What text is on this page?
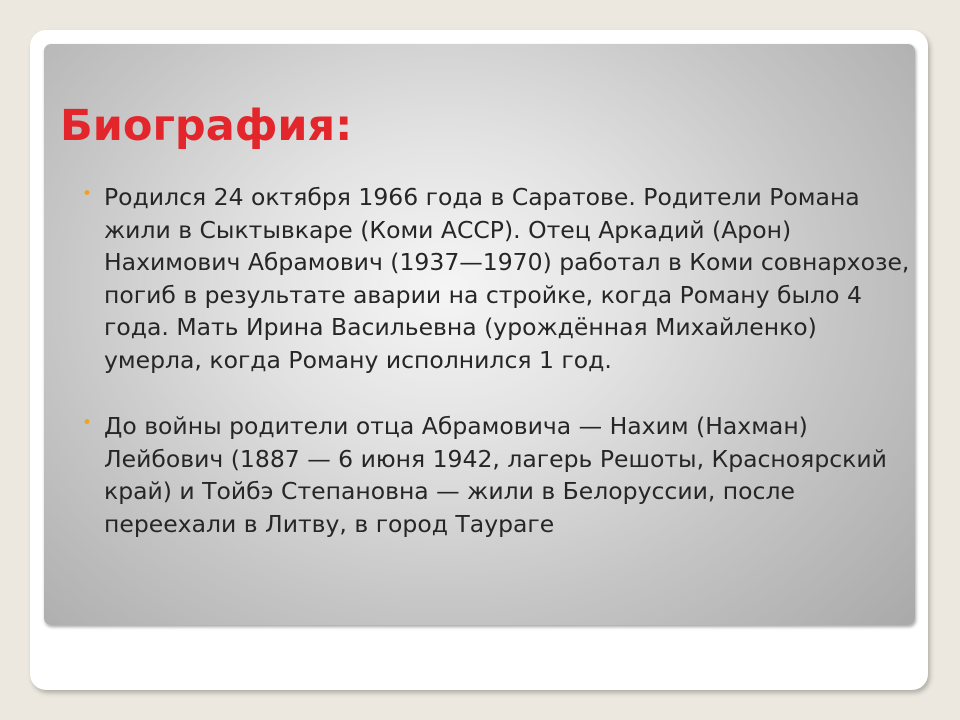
Биография:
• Родился 24 октября 1966 года в Саратове. Родители Романа жили в Сыктывкаре (Коми АССР). Отец Аркадий (Арон) Нахимович Абрамович (1937—1970) работал в Коми совнархозе, погиб в результате аварии на стройке, когда Роману было 4 года. Мать Ирина Васильевна (урождённая Михайленко) умерла, когда Роману исполнился 1 год.
• До войны родители отца Абрамовича — Нахим (Нахман) Лейбович (1887 — 6 июня 1942, лагерь Решоты, Красноярский край) и Тойбэ Степановна — жили в Белоруссии, после переехали в Литву, в город Таураге
